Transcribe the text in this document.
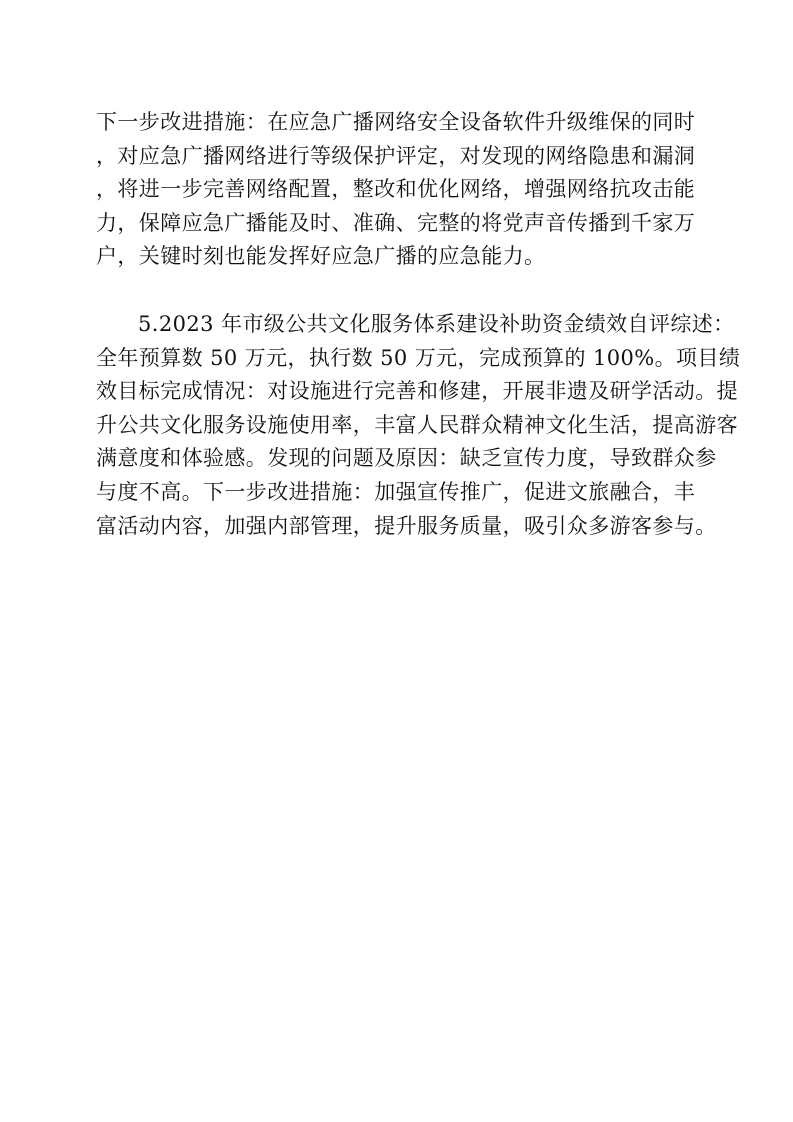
下一步改进措施：在应急广播网络安全设备软件升级维保的同时
，对应急广播网络进行等级保护评定，对发现的网络隐患和漏洞
，将进一步完善网络配置，整改和优化网络，增强网络抗攻击能
力，保障应急广播能及时、准确、完整的将党声音传播到千家万
户，关键时刻也能发挥好应急广播的应急能力。
5.2023 年市级公共文化服务体系建设补助资金绩效自评综述：
全年预算数 50 万元，执行数 50 万元，完成预算的 100%。项目绩
效目标完成情况：对设施进行完善和修建，开展非遗及研学活动。提
升公共文化服务设施使用率，丰富人民群众精神文化生活，提高游客
满意度和体验感。发现的问题及原因：缺乏宣传力度，导致群众参
与度不高。下一步改进措施：加强宣传推广，促进文旅融合，丰
富活动内容，加强内部管理，提升服务质量，吸引众多游客参与。
